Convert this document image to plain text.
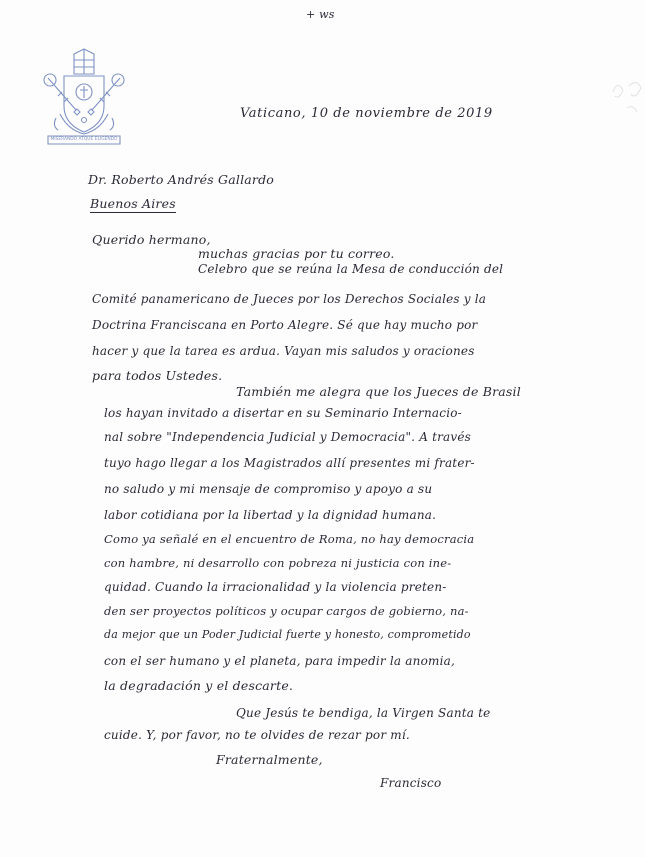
+ ws
MISERANDO ATQUE ELIGENDO
Vaticano, 10 de noviembre de 2019
Dr. Roberto Andrés Gallardo
Buenos Aires
Querido hermano,
muchas gracias por tu correo.
Celebro que se reúna la Mesa de conducción del
Comité panamericano de Jueces por los Derechos Sociales y la
Doctrina Franciscana en Porto Alegre. Sé que hay mucho por
hacer y que la tarea es ardua. Vayan mis saludos y oraciones
para todos Ustedes.
También me alegra que los Jueces de Brasil
los hayan invitado a disertar en su Seminario Internacio-
nal sobre "Independencia Judicial y Democracia". A través
tuyo hago llegar a los Magistrados allí presentes mi frater-
no saludo y mi mensaje de compromiso y apoyo a su
labor cotidiana por la libertad y la dignidad humana.
Como ya señalé en el encuentro de Roma, no hay democracia
con hambre, ni desarrollo con pobreza ni justicia con ine-
quidad. Cuando la irracionalidad y la violencia preten-
den ser proyectos políticos y ocupar cargos de gobierno, na-
da mejor que un Poder Judicial fuerte y honesto, comprometido
con el ser humano y el planeta, para impedir la anomia,
la degradación y el descarte.
Que Jesús te bendiga, la Virgen Santa te
cuide. Y, por favor, no te olvides de rezar por mí.
Fraternalmente,
Francisco
